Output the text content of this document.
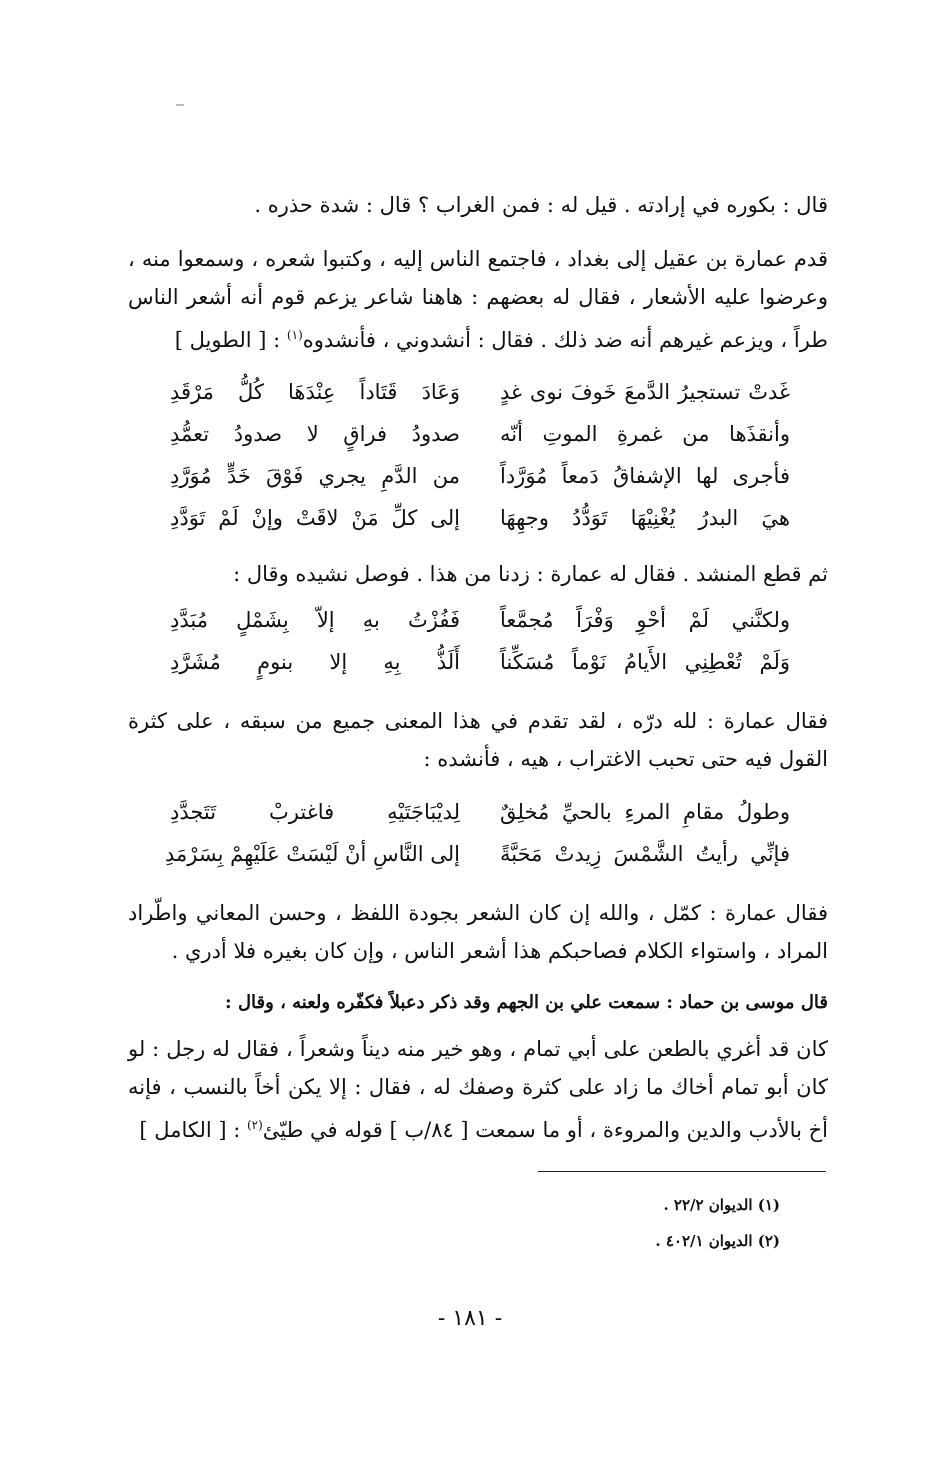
قال : بكوره في إرادته . قيل له : فمن الغراب ؟ قال : شدة حذره .

قدم عمارة بن عقيل إلى بغداد ، فاجتمع الناس إليه ، وكتبوا شعره ، وسمعوا منه ، وعرضوا عليه الأشعار ، فقال له بعضهم : هاهنا شاعر يزعم قوم أنه أشعر الناس طراً ، ويزعم غيرهم أنه ضد ذلك . فقال : أنشدوني ، فأنشدوه$^{(١)}$ : [ الطويل ]

غَدتْ تستجيرُ الدَّمعَ خَوفَ نوى غدٍ
وَعَادَ قَتَاداً عِنْدَهَا كُلُّ مَرْقَدِ
وأنقذَها من غمرةِ الموتِ أنّه
صدودُ فراقٍ لا صدودُ تعمُّدِ
فأجرى لها الإشفاقُ دَمعاً مُوَرَّداً
من الدَّمِ يجري فَوْقَ خَدٍّ مُوَرَّدِ
هيَ البدرُ يُغْنِيْهَا تَوَدُّدُ وجهِهَا
إلى كلِّ مَنْ لاقَتْ وإنْ لَمْ تَوَدَّدِ

ثم قطع المنشد . فقال له عمارة : زدنا من هذا . فوصل نشيده وقال :

ولكنَّني لَمْ أحْوِ وَفْرَاً مُجمَّعاً
فَفُزْتُ بهِ إلاّ بِشَمْلٍ مُبَدَّدِ
وَلَمْ تُعْطِنِي الأَيامُ نَوْماً مُسَكِّناً
أَلَذُّ بِهِ إلا بنومٍ مُشَرَّدِ

فقال عمارة : لله درّه ، لقد تقدم في هذا المعنى جميع من سبقه ، على كثرة القول فيه حتى تحبب الاغتراب ، هيه ، فأنشده :

وطولُ مقامِ المرءِ بالحيِّ مُخلِقٌ
لِديْبَاجَتَيْهِ فاغتربْ تَتَجدَّدِ
فإنِّي رأيتُ الشَّمْسَ زِيدتْ مَحَبَّةً
إلى النَّاسِ أنْ لَيْسَتْ عَلَيْهِمْ بِسَرْمَدِ

فقال عمارة : كمّل ، والله إن كان الشعر بجودة اللفظ ، وحسن المعاني واطّراد المراد ، واستواء الكلام فصاحبكم هذا أشعر الناس ، وإن كان بغيره فلا أدري .

قال موسى بن حماد : سمعت علي بن الجهم وقد ذكر دعبلاً فكفّره ولعنه ، وقال :

كان قد أغري بالطعن على أبي تمام ، وهو خير منه ديناً وشعراً ، فقال له رجل : لو كان أبو تمام أخاك ما زاد على كثرة وصفك له ، فقال : إلا يكن أخاً بالنسب ، فإنه أخ بالأدب والدين والمروءة ، أو ما سمعت [ ٨٤/ب ] قوله في طيّئ$^{(٢)}$ : [ الكامل ]

(١) الديوان ٢٢/٢ .
(٢) الديوان ٤٠٢/١ .
- ١٨١ -
